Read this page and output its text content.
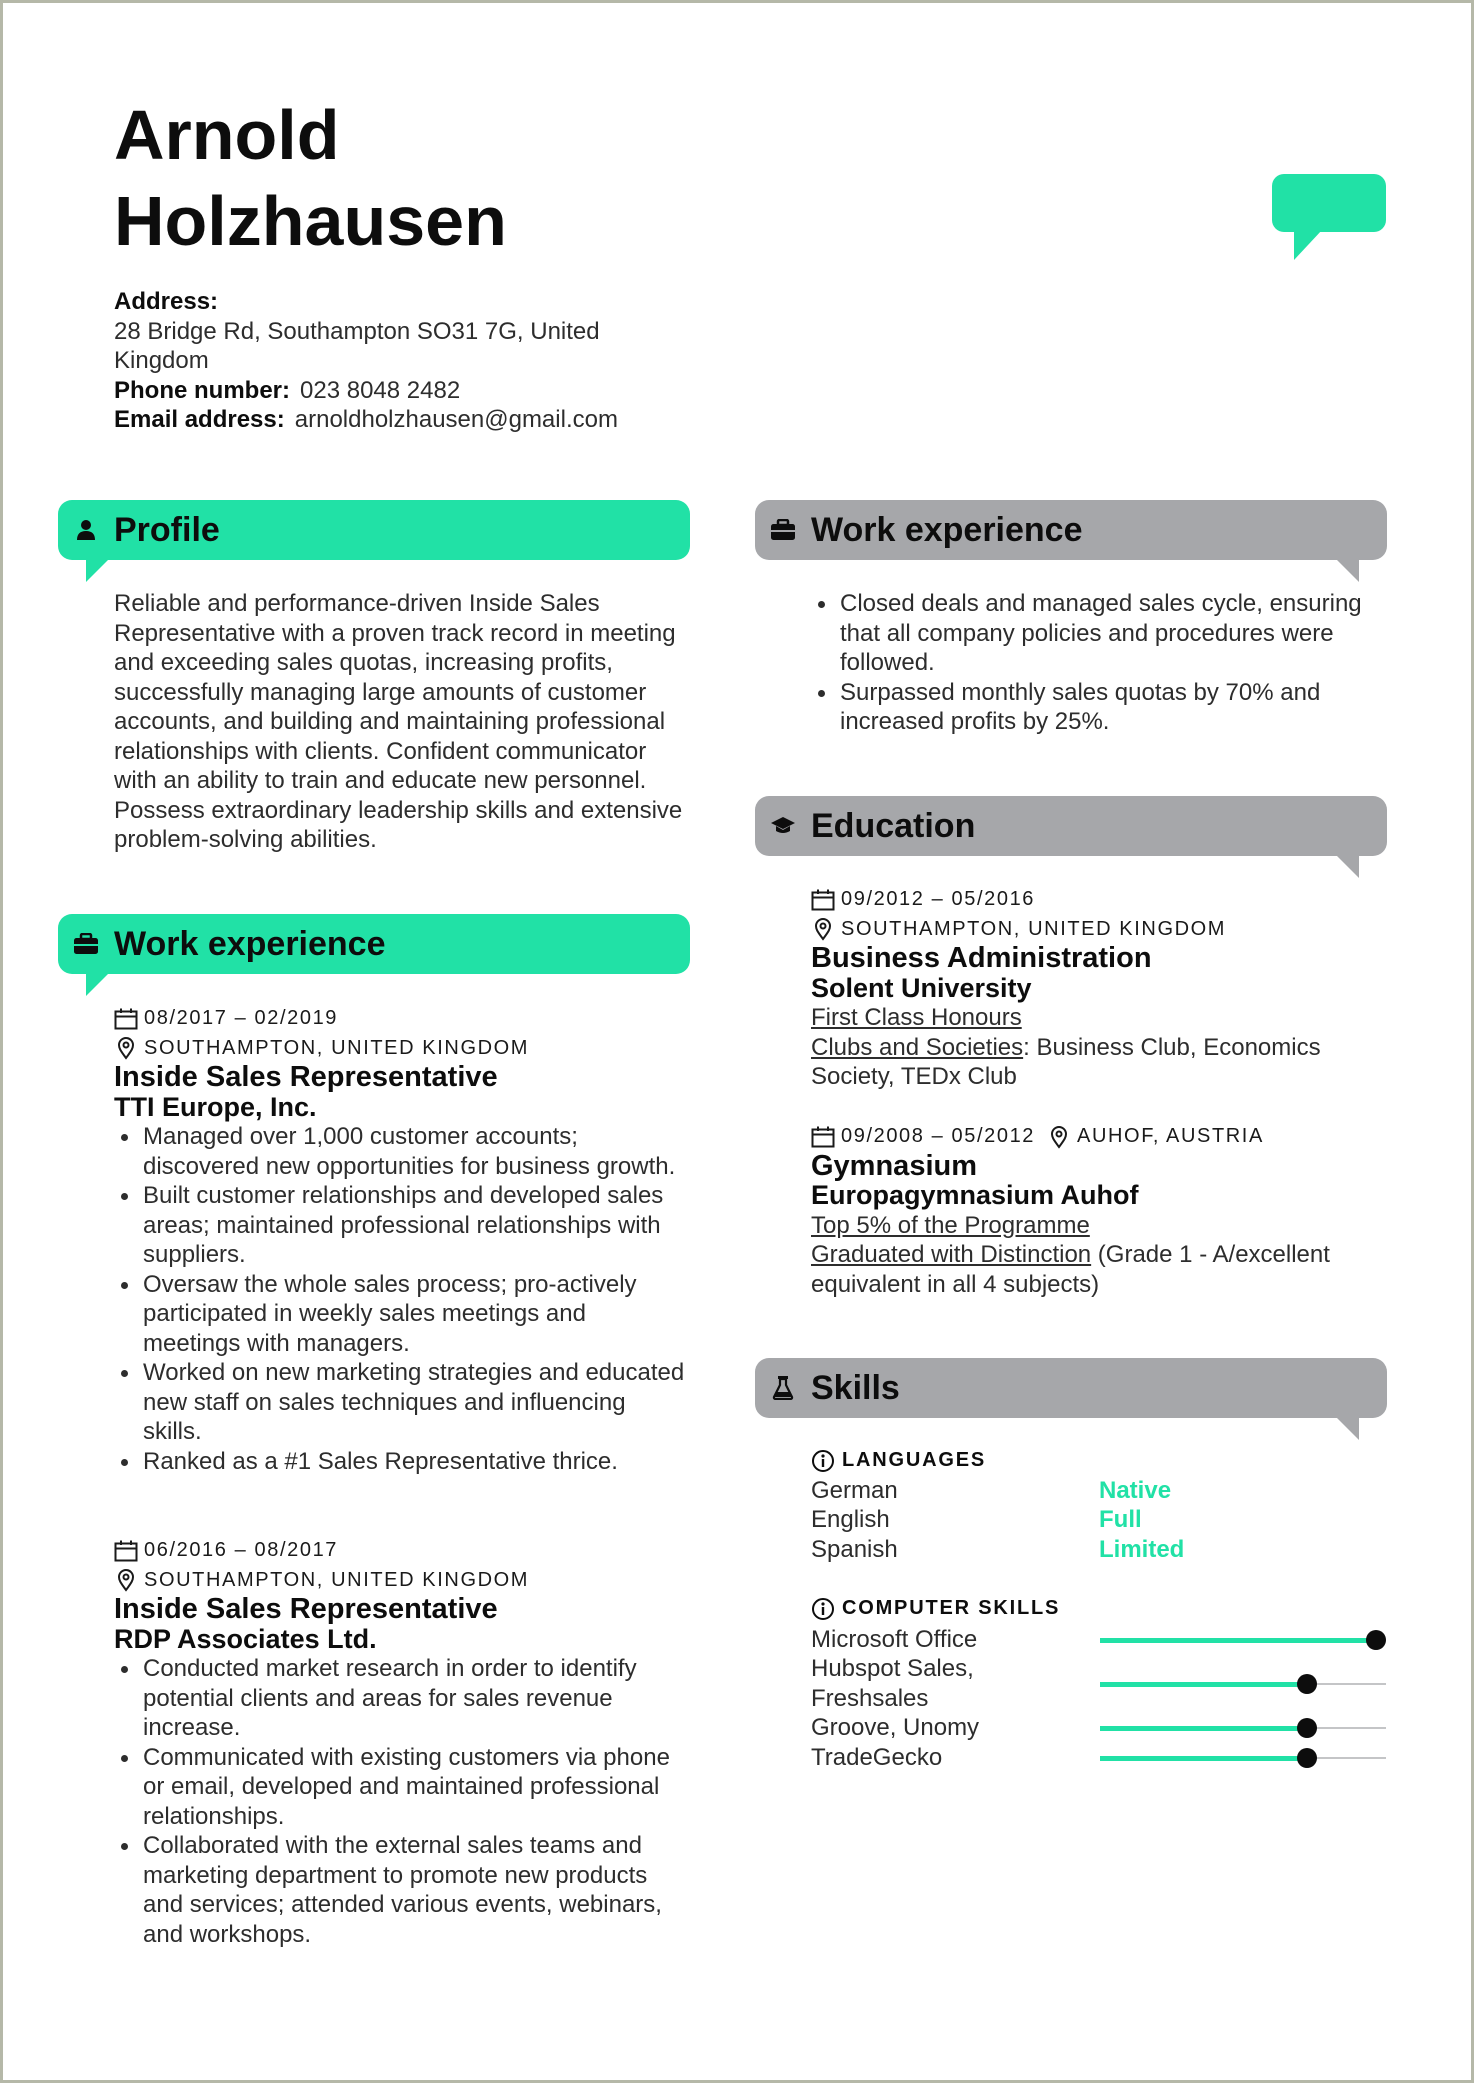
Arnold
Holzhausen
Address:
28 Bridge Rd, Southampton SO31 7G, United
Kingdom
Phone number: 023 8048 2482
Email address: arnoldholzhausen@gmail.com
Profile
Reliable and performance-driven Inside Sales Representative with a proven track record in meeting and exceeding sales quotas, increasing profits, successfully managing large amounts of customer accounts, and building and maintaining professional relationships with clients. Confident communicator with an ability to train and educate new personnel. Possess extraordinary leadership skills and extensive problem-solving abilities.
Work experience
08/2017 – 02/2019
SOUTHAMPTON, UNITED KINGDOM
Inside Sales Representative
TTI Europe, Inc.
Managed over 1,000 customer accounts; discovered new opportunities for business growth.
Built customer relationships and developed sales areas; maintained professional relationships with suppliers.
Oversaw the whole sales process; pro-actively participated in weekly sales meetings and meetings with managers.
Worked on new marketing strategies and educated new staff on sales techniques and influencing skills.
Ranked as a #1 Sales Representative thrice.
06/2016 – 08/2017
SOUTHAMPTON, UNITED KINGDOM
Inside Sales Representative
RDP Associates Ltd.
Conducted market research in order to identify potential clients and areas for sales revenue increase.
Communicated with existing customers via phone or email, developed and maintained professional relationships.
Collaborated with the external sales teams and marketing department to promote new products and services; attended various events, webinars, and workshops.
Work experience
Closed deals and managed sales cycle, ensuring that all company policies and procedures were followed.
Surpassed monthly sales quotas by 70% and increased profits by 25%.
Education
09/2012 – 05/2016
SOUTHAMPTON, UNITED KINGDOM
Business Administration
Solent University
First Class Honours
Clubs and Societies: Business Club, Economics Society, TEDx Club
09/2008 – 05/2012 AUHOF, AUSTRIA
Gymnasium
Europagymnasium Auhof
Top 5% of the Programme
Graduated with Distinction (Grade 1 - A/excellent equivalent in all 4 subjects)
Skills
LANGUAGES
German	Native
English	Full
Spanish	Limited
COMPUTER SKILLS
Microsoft Office
Hubspot Sales, Freshsales
Groove, Unomy
TradeGecko
